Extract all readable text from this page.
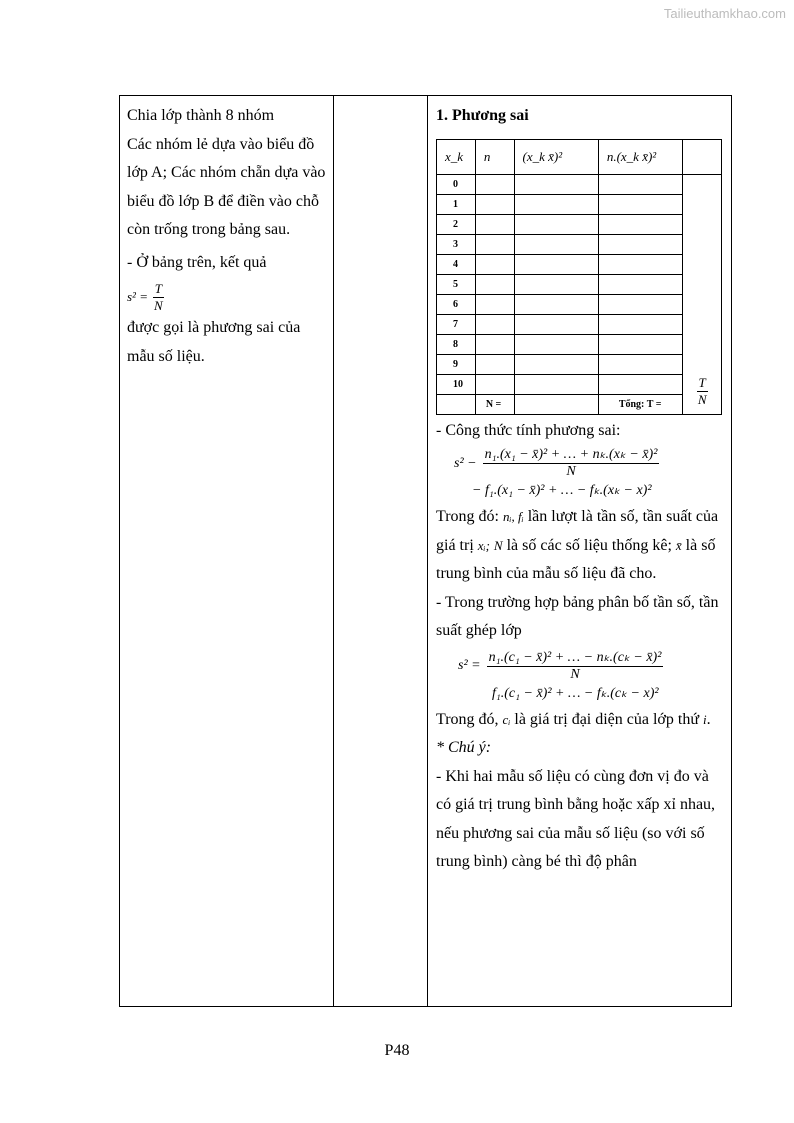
Tailieuthamkhao.com

Chia lớp thành 8 nhóm

Các nhóm lẻ dựa vào biểu đồ lớp A; Các nhóm chẵn dựa vào biểu đồ lớp B để điền vào chỗ còn trống trong bảng sau.

- Ở bảng trên, kết quả

$s^2 = \frac{T}{N}$

được gọi là phương sai của mẫu số liệu.

1. Phương sai

x_k	n	(x_k x̄)²	n.(x_k x̄)²	
0				$\frac{T}{N}$

1				
2				
3				
4				
5				
6				
7				
8				
9				
10				
	N =		Tổng: T =	

- Công thức tính phương sai:

$s^2 - \frac{\text{n₁.(x₁ − x̄)² + … + nₖ.(xₖ − x̄)²}}{N}$
− f₁.(x₁ − x̄)² + … − fₖ.(xₖ − x)²

Trong đó: nᵢ, fᵢ lần lượt là tần số, tần suất của giá trị xᵢ; N là số các số liệu thống kê; x̄ là số trung bình của mẫu số liệu đã cho.

- Trong trường hợp bảng phân bố tần số, tần suất ghép lớp

$s^2 = \frac{\text{n₁.(c₁ − x̄)² + … − nₖ.(cₖ − x̄)²}}{N}$
f₁.(c₁ − x̄)² + … − fₖ.(cₖ − x)²

Trong đó, cᵢ là giá trị đại diện của lớp thứ i.

* Chú ý:

- Khi hai mẫu số liệu có cùng đơn vị đo và có giá trị trung bình bằng hoặc xấp xỉ nhau, nếu phương sai của mẫu số liệu (so với số trung bình) càng bé thì độ phân

P48
